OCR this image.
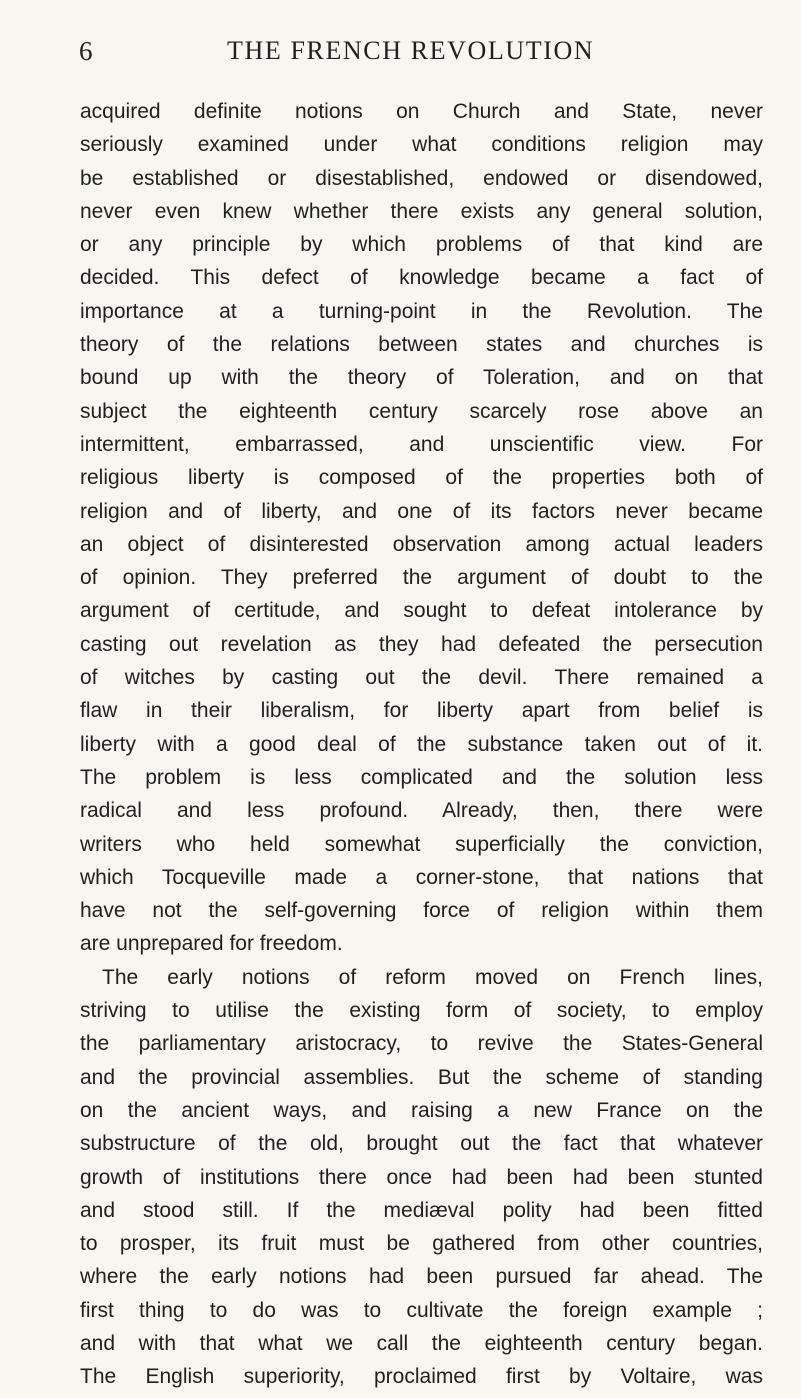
6	THE FRENCH REVOLUTION
acquired definite notions on Church and State, never
seriously examined under what conditions religion may
be established or disestablished, endowed or disendowed,
never even knew whether there exists any general solution,
or any principle by which problems of that kind are
decided. This defect of knowledge became a fact of
importance at a turning-point in the Revolution. The
theory of the relations between states and churches is
bound up with the theory of Toleration, and on that
subject the eighteenth century scarcely rose above an
intermittent, embarrassed, and unscientific view. For
religious liberty is composed of the properties both of
religion and of liberty, and one of its factors never became
an object of disinterested observation among actual leaders
of opinion. They preferred the argument of doubt to the
argument of certitude, and sought to defeat intolerance by
casting out revelation as they had defeated the persecution
of witches by casting out the devil. There remained a
flaw in their liberalism, for liberty apart from belief is
liberty with a good deal of the substance taken out of it.
The problem is less complicated and the solution less
radical and less profound. Already, then, there were
writers who held somewhat superficially the conviction,
which Tocqueville made a corner-stone, that nations that
have not the self-governing force of religion within them
are unprepared for freedom.
The early notions of reform moved on French lines,
striving to utilise the existing form of society, to employ
the parliamentary aristocracy, to revive the States-General
and the provincial assemblies. But the scheme of standing
on the ancient ways, and raising a new France on the
substructure of the old, brought out the fact that whatever
growth of institutions there once had been had been stunted
and stood still. If the mediæval polity had been fitted
to prosper, its fruit must be gathered from other countries,
where the early notions had been pursued far ahead. The
first thing to do was to cultivate the foreign example ;
and with that what we call the eighteenth century began.
The English superiority, proclaimed first by Voltaire, was
